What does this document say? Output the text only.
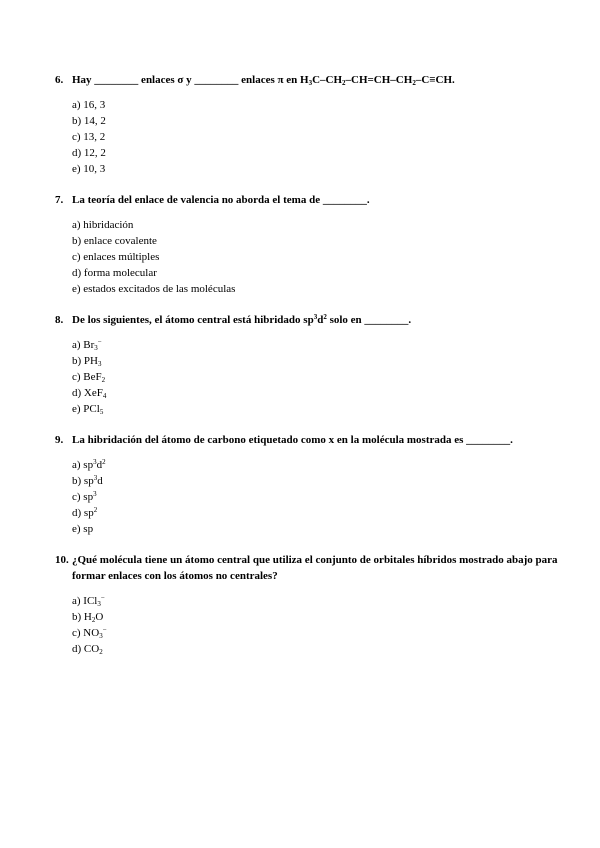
6. Hay ________ enlaces σ y ________ enlaces π en $H_3C-CH_2-CH=CH-CH_2-C\equiv CH$.
a) 16, 3
b) 14, 2
c) 13, 2
d) 12, 2
e) 10, 3
7. La teoría del enlace de valencia no aborda el tema de ________.
a) hibridación
b) enlace covalente
c) enlaces múltiples
d) forma molecular
e) estados excitados de las moléculas
8. De los siguientes, el átomo central está hibridado $sp^3d^2$ solo en ________.
a) $Br_3^-$
b) $PH_3$
c) BeF$_2$
d) XeF$_4$
e) PCl$_5$
9. La hibridación del átomo de carbono etiquetado como x en la molécula mostrada es ________.
a) $sp^3d^2$
b) $sp^3d$
c) $sp^3$
d) $sp^2$
e) sp
10. ¿Qué molécula tiene un átomo central que utiliza el conjunto de orbitales híbridos mostrado abajo para formar enlaces con los átomos no centrales?
a) ICl$_3$−
b) $H_2O$
c) $NO_3^-$
d) $CO_2$
